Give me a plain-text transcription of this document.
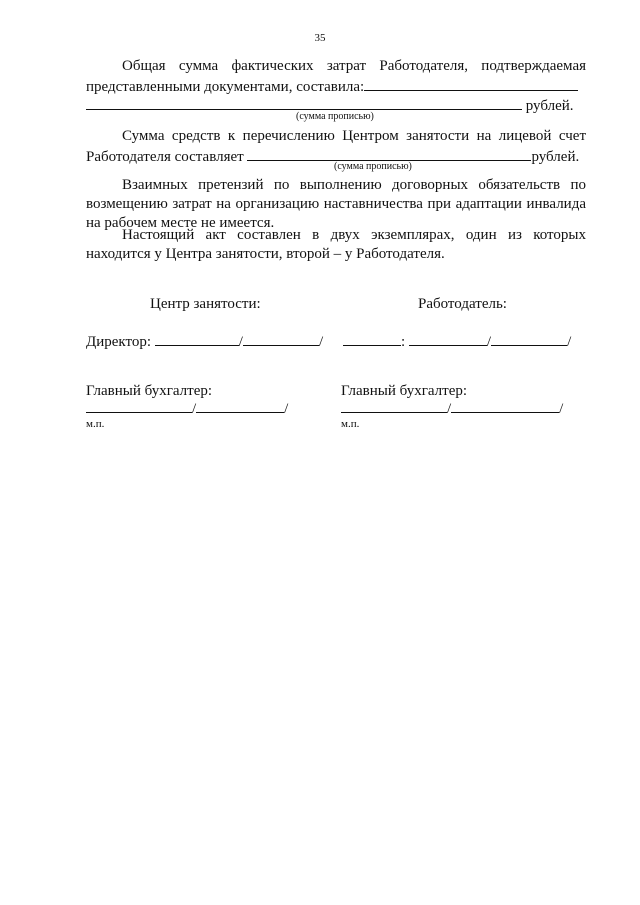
35
Общая сумма фактических затрат Работодателя, подтверждаемая
представленными документами, составила:
рублей.
(сумма прописью)
Сумма средств к перечислению Центром занятости на лицевой счет
Работодателя составляет	рублей.
(сумма прописью)
Взаимных претензий по выполнению договорных обязательств по возмещению затрат на организацию наставничества при адаптации инвалида на рабочем месте не имеется.
Настоящий акт составлен в двух экземплярах, один из которых
находится у Центра занятости, второй – у Работодателя.
Центр занятости:	Работодатель:
Директор:	/	/	:	/	/
Главный бухгалтер:	Главный бухгалтер:
/	/	/	/
м.п.	м.п.
